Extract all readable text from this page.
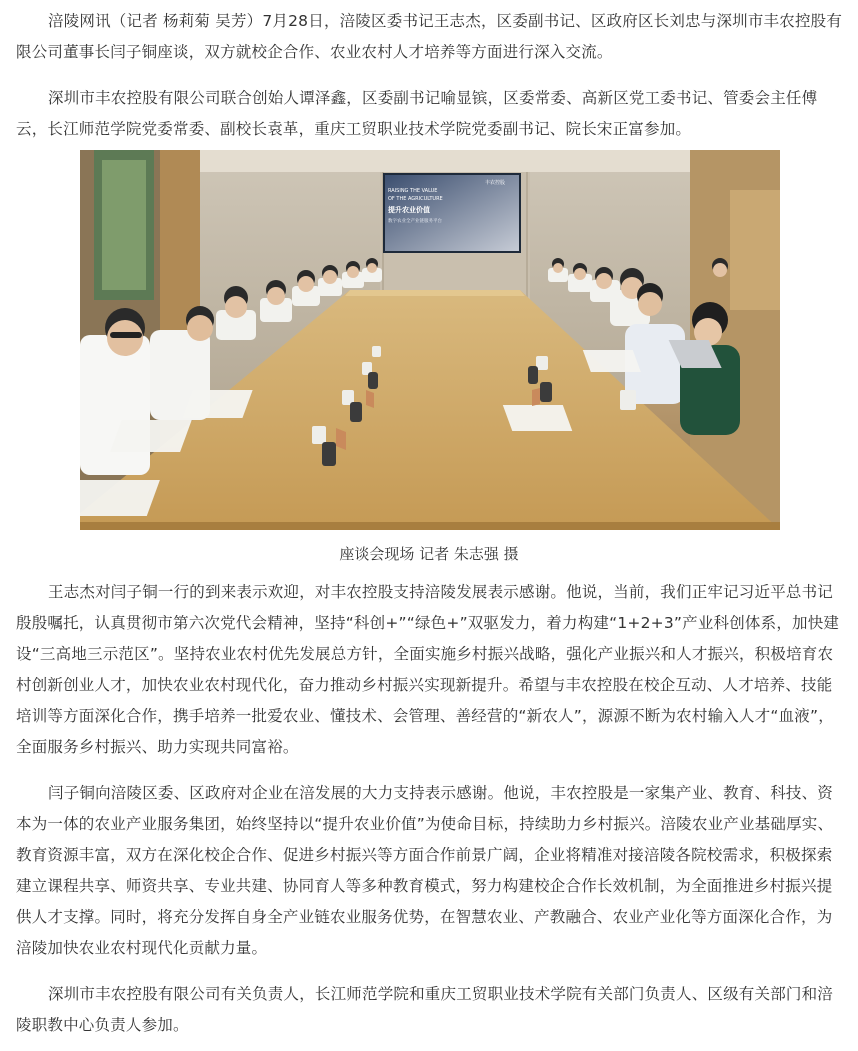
涪陵网讯（记者 杨莉菊 吴芳）7月28日，涪陵区委书记王志杰，区委副书记、区政府区长刘忠与深圳市丰农控股有限公司董事长闫子铜座谈，双方就校企合作、农业农村人才培养等方面进行深入交流。

深圳市丰农控股有限公司联合创始人谭泽鑫，区委副书记喻显镔，区委常委、高新区党工委书记、管委会主任傅云，长江师范学院党委常委、副校长袁革，重庆工贸职业技术学院党委副书记、院长宋正富参加。

RAISING THE VALUE
OF THE AGRICULTURE
提升农业价值
数字农业全产业链服务平台
丰农控股
座谈会现场 记者 朱志强 摄

王志杰对闫子铜一行的到来表示欢迎，对丰农控股支持涪陵发展表示感谢。他说，当前，我们正牢记习近平总书记殷殷嘱托，认真贯彻市第六次党代会精神，坚持“科创+”“绿色+”双驱发力，着力构建“1+2+3”产业科创体系，加快建设“三高地三示范区”。坚持农业农村优先发展总方针，全面实施乡村振兴战略，强化产业振兴和人才振兴，积极培育农村创新创业人才，加快农业农村现代化，奋力推动乡村振兴实现新提升。希望与丰农控股在校企互动、人才培养、技能培训等方面深化合作，携手培养一批爱农业、懂技术、会管理、善经营的“新农人”，源源不断为农村输入人才“血液”，全面服务乡村振兴、助力实现共同富裕。

闫子铜向涪陵区委、区政府对企业在涪发展的大力支持表示感谢。他说，丰农控股是一家集产业、教育、科技、资本为一体的农业产业服务集团，始终坚持以“提升农业价值”为使命目标，持续助力乡村振兴。涪陵农业产业基础厚实、教育资源丰富，双方在深化校企合作、促进乡村振兴等方面合作前景广阔，企业将精准对接涪陵各院校需求，积极探索建立课程共享、师资共享、专业共建、协同育人等多种教育模式，努力构建校企合作长效机制，为全面推进乡村振兴提供人才支撑。同时，将充分发挥自身全产业链农业服务优势，在智慧农业、产教融合、农业产业化等方面深化合作，为涪陵加快农业农村现代化贡献力量。

深圳市丰农控股有限公司有关负责人，长江师范学院和重庆工贸职业技术学院有关部门负责人、区级有关部门和涪陵职教中心负责人参加。
